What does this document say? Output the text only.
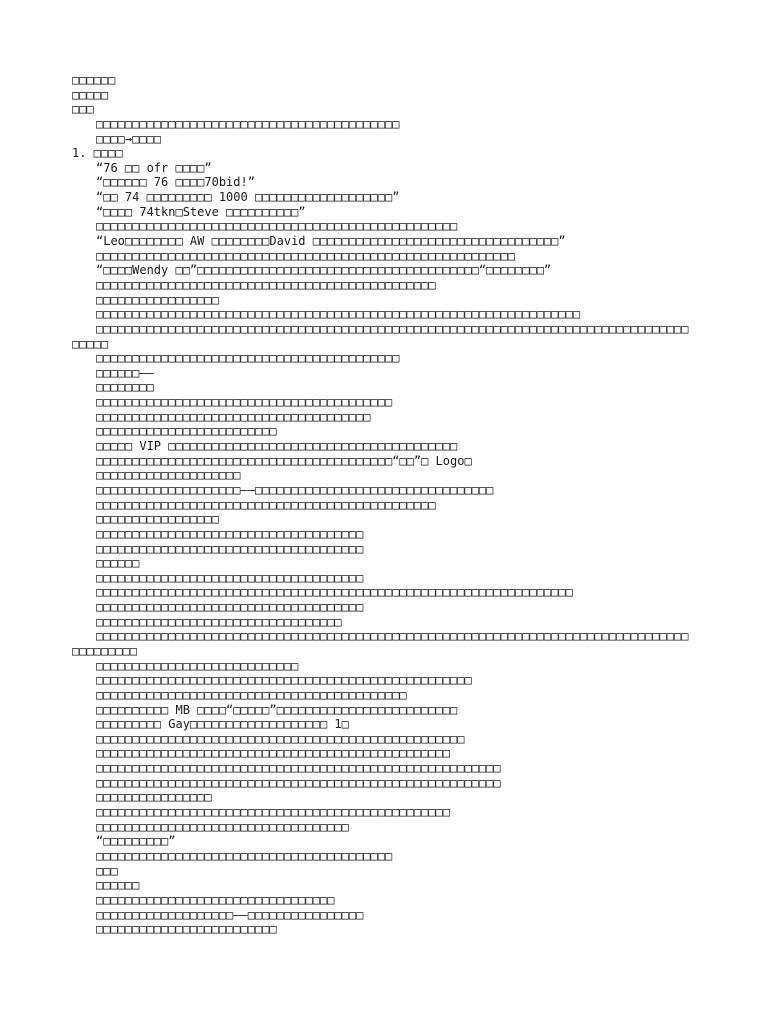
□□□□□□
□□□□□
□□□
□□□□□□□□□□□□□□□□□□□□□□□□□□□□□□□□□□□□□□□□□□
□□□□→□□□□
1. □□□□
“76 □□ ofr □□□□”
“□□□□□□ 76 □□□□70bid!”
“□□ 74 □□□□□□□□□ 1000 □□□□□□□□□□□□□□□□□□□”
“□□□□ 74tkn□Steve □□□□□□□□□□”
□□□□□□□□□□□□□□□□□□□□□□□□□□□□□□□□□□□□□□□□□□□□□□□□□□
“Leo□□□□□□□□ AW □□□□□□□□David □□□□□□□□□□□□□□□□□□□□□□□□□□□□□□□□□□”
□□□□□□□□□□□□□□□□□□□□□□□□□□□□□□□□□□□□□□□□□□□□□□□□□□□□□□□□□□
“□□□□Wendy □□”□□□□□□□□□□□□□□□□□□□□□□□□□□□□□□□□□□□□□□□“□□□□□□□□”
□□□□□□□□□□□□□□□□□□□□□□□□□□□□□□□□□□□□□□□□□□□□□□□
□□□□□□□□□□□□□□□□□
□□□□□□□□□□□□□□□□□□□□□□□□□□□□□□□□□□□□□□□□□□□□□□□□□□□□□□□□□□□□□□□□□□□
□□□□□□□□□□□□□□□□□□□□□□□□□□□□□□□□□□□□□□□□□□□□□□□□□□□□□□□□□□□□□□□□□□□□□□□□□□□□□□□□□□
□□□□□
□□□□□□□□□□□□□□□□□□□□□□□□□□□□□□□□□□□□□□□□□□
□□□□□□——
□□□□□□□□
□□□□□□□□□□□□□□□□□□□□□□□□□□□□□□□□□□□□□□□□□
□□□□□□□□□□□□□□□□□□□□□□□□□□□□□□□□□□□□□□
□□□□□□□□□□□□□□□□□□□□□□□□□
□□□□□ VIP □□□□□□□□□□□□□□□□□□□□□□□□□□□□□□□□□□□□□□□□
□□□□□□□□□□□□□□□□□□□□□□□□□□□□□□□□□□□□□□□□□“□□”□ Logo□
□□□□□□□□□□□□□□□□□□□□
□□□□□□□□□□□□□□□□□□□□——□□□□□□□□□□□□□□□□□□□□□□□□□□□□□□□□□
□□□□□□□□□□□□□□□□□□□□□□□□□□□□□□□□□□□□□□□□□□□□□□□
□□□□□□□□□□□□□□□□□
□□□□□□□□□□□□□□□□□□□□□□□□□□□□□□□□□□□□□
□□□□□□□□□□□□□□□□□□□□□□□□□□□□□□□□□□□□□
□□□□□□
□□□□□□□□□□□□□□□□□□□□□□□□□□□□□□□□□□□□□
□□□□□□□□□□□□□□□□□□□□□□□□□□□□□□□□□□□□□□□□□□□□□□□□□□□□□□□□□□□□□□□□□□
□□□□□□□□□□□□□□□□□□□□□□□□□□□□□□□□□□□□□
□□□□□□□□□□□□□□□□□□□□□□□□□□□□□□□□□□
□□□□□□□□□□□□□□□□□□□□□□□□□□□□□□□□□□□□□□□□□□□□□□□□□□□□□□□□□□□□□□□□□□□□□□□□□□□□□□□□□□
□□□□□□□□□
□□□□□□□□□□□□□□□□□□□□□□□□□□□□
□□□□□□□□□□□□□□□□□□□□□□□□□□□□□□□□□□□□□□□□□□□□□□□□□□□□
□□□□□□□□□□□□□□□□□□□□□□□□□□□□□□□□□□□□□□□□□□□
□□□□□□□□□□ MB □□□□“□□□□□”□□□□□□□□□□□□□□□□□□□□□□□□□
□□□□□□□□□ Gay□□□□□□□□□□□□□□□□□□□ 1□
□□□□□□□□□□□□□□□□□□□□□□□□□□□□□□□□□□□□□□□□□□□□□□□□□□□
□□□□□□□□□□□□□□□□□□□□□□□□□□□□□□□□□□□□□□□□□□□□□□□□□
□□□□□□□□□□□□□□□□□□□□□□□□□□□□□□□□□□□□□□□□□□□□□□□□□□□□□□□□
□□□□□□□□□□□□□□□□□□□□□□□□□□□□□□□□□□□□□□□□□□□□□□□□□□□□□□□□
□□□□□□□□□□□□□□□□
□□□□□□□□□□□□□□□□□□□□□□□□□□□□□□□□□□□□□□□□□□□□□□□□□
□□□□□□□□□□□□□□□□□□□□□□□□□□□□□□□□□□□
“□□□□□□□□□”
□□□□□□□□□□□□□□□□□□□□□□□□□□□□□□□□□□□□□□□□□
□□□
□□□□□□
□□□□□□□□□□□□□□□□□□□□□□□□□□□□□□□□□
□□□□□□□□□□□□□□□□□□□——□□□□□□□□□□□□□□□□
□□□□□□□□□□□□□□□□□□□□□□□□□
